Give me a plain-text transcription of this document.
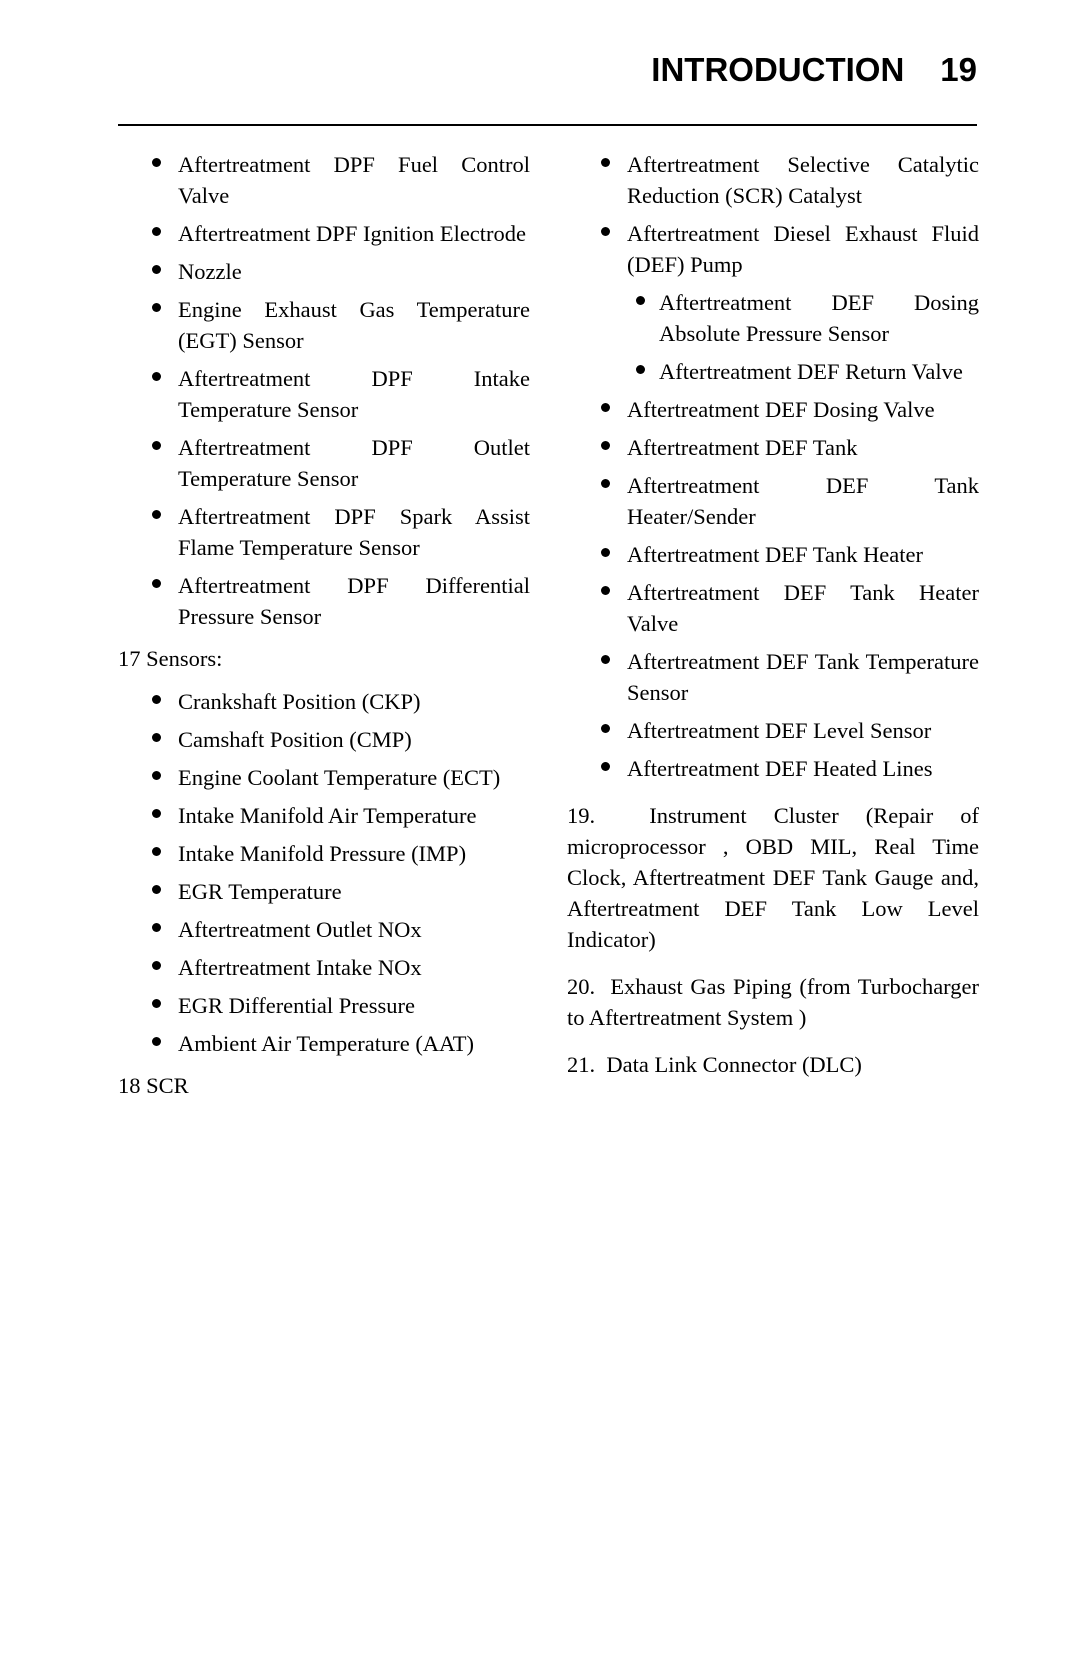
INTRODUCTION 19
Aftertreatment DPF Fuel Control Valve
Aftertreatment DPF Ignition Electrode
Nozzle
Engine Exhaust Gas Temperature (EGT) Sensor
Aftertreatment DPF Intake Temperature Sensor
Aftertreatment DPF Outlet Temperature Sensor
Aftertreatment DPF Spark Assist Flame Temperature Sensor
Aftertreatment DPF Differential Pressure Sensor

17 Sensors:

Crankshaft Position (CKP)
Camshaft Position (CMP)
Engine Coolant Temperature (ECT)
Intake Manifold Air Temperature
Intake Manifold Pressure (IMP)
EGR Temperature
Aftertreatment Outlet NOx
Aftertreatment Intake NOx
EGR Differential Pressure
Ambient Air Temperature (AAT)

18 SCR

Aftertreatment Selective Catalytic Reduction (SCR) Catalyst
Aftertreatment Diesel Exhaust Fluid (DEF) Pump
Aftertreatment DEF Dosing Absolute Pressure Sensor
Aftertreatment DEF Return Valve
Aftertreatment DEF Dosing Valve
Aftertreatment DEF Tank
Aftertreatment DEF Tank Heater/Sender
Aftertreatment DEF Tank Heater
Aftertreatment DEF Tank Heater Valve
Aftertreatment DEF Tank Temperature Sensor
Aftertreatment DEF Level Sensor
Aftertreatment DEF Heated Lines

19.  Instrument Cluster (Repair of microprocessor , OBD MIL, Real Time Clock, Aftertreatment DEF Tank Gauge and, Aftertreatment DEF Tank Low Level Indicator)

20.  Exhaust Gas Piping (from Turbocharger to Aftertreatment System )

21.  Data Link Connector (DLC)
